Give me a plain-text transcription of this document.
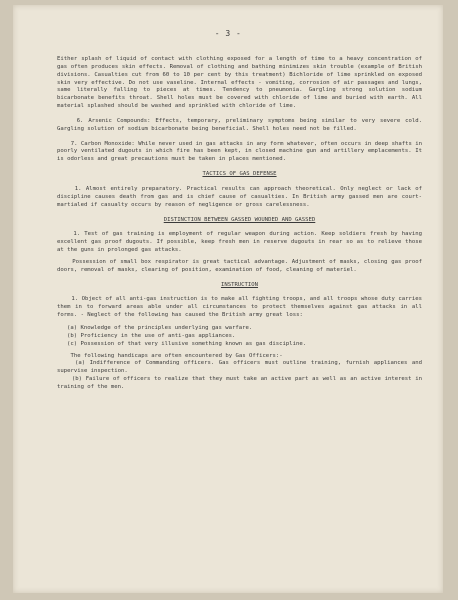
- 3 -

Either splash of liquid of contact with clothing exposed for a length of time to a heavy concentration of gas often produces skin effects. Removal of clothing and bathing minimizes skin trouble (example of British divisions. Casualties cut from 60 to 10 per cent by this treatment) Bichloride of lime sprinkled on exposed skin very effective. Do not use vaseline. Internal effects - vomiting, corrosion of air passages and lungs, same literally falling to pieces at times. Tendency to pneumonia. Gargling strong solution sodium bicarbonate benefits throat. Shell holes must be covered with chloride of lime and buried with earth. All material splashed should be washed and sprinkled with chloride of lime.

6. Arsenic Compounds: Effects, temporary, preliminary symptoms being similar to very severe cold. Gargling solution of sodium bicarbonate being beneficial. Shell holes need not be filled.

7. Carbon Monoxide: While never used in gas attacks in any form whatever, often occurs in deep shafts in poorly ventilated dugouts in which fire has been kept, in closed machine gun and artillery emplacements. It is odorless and great precautions must be taken in places mentioned.

TACTICS OF GAS DEFENSE

1. Almost entirely preparatory. Practical results can approach theoretical. Only neglect or lack of discipline causes death from gas and is chief cause of casualties. In British army gassed men are court-martialed if casualty occurs by reason of negligence or gross carelessness.

DISTINCTION BETWEEN GASSED WOUNDED AND GASSED

1. Test of gas training is employment of regular weapon during action. Keep soldiers fresh by having excellent gas proof dugouts. If possible, keep fresh men in reserve dugouts in rear so as to relieve those at the guns in prolonged gas attacks.

Possession of small box respirator is great tactical advantage. Adjustment of masks, closing gas proof doors, removal of masks, clearing of position, examination of food, cleaning of materiel.

INSTRUCTION

1. Object of all anti-gas instruction is to make all fighting troops, and all troops whose duty carries them in to forward areas able under all circumstances to protect themselves against gas attacks in all forms. - Neglect of the following has caused the British army great loss:

(a) Knowledge of the principles underlying gas warfare.

(b) Proficiency in the use of anti-gas appliances.

(c) Possession of that very illusive something known as gas discipline.

The following handicaps are often encountered by Gas Officers:-
(a) Indifference of Commanding officers. Gas officers must outline training, furnish appliances and supervise inspection.
(b) Failure of officers to realize that they must take an active part as well as an active interest in training of the men.
